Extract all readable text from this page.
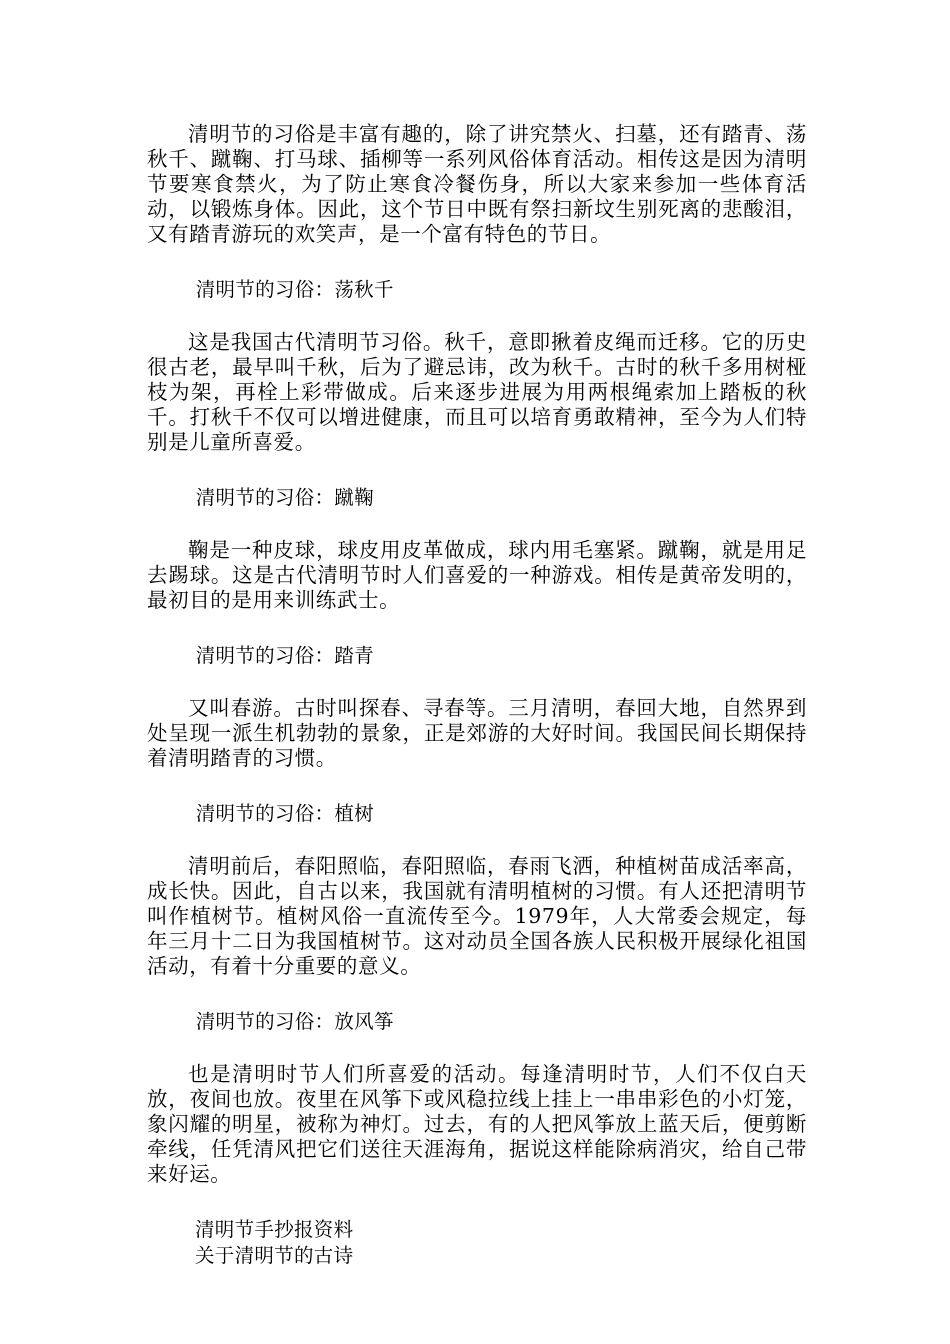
清明节的习俗是丰富有趣的，除了讲究禁火、扫墓，还有踏青、荡秋千、蹴鞠、打马球、插柳等一系列风俗体育活动。相传这是因为清明节要寒食禁火，为了防止寒食冷餐伤身，所以大家来参加一些体育活动，以锻炼身体。因此，这个节日中既有祭扫新坟生别死离的悲酸泪，又有踏青游玩的欢笑声，是一个富有特色的节日。

清明节的习俗：荡秋千

这是我国古代清明节习俗。秋千，意即揪着皮绳而迁移。它的历史很古老，最早叫千秋，后为了避忌讳，改为秋千。古时的秋千多用树桠枝为架，再栓上彩带做成。后来逐步进展为用两根绳索加上踏板的秋千。打秋千不仅可以增进健康，而且可以培育勇敢精神，至今为人们特别是儿童所喜爱。

清明节的习俗：蹴鞠

鞠是一种皮球，球皮用皮革做成，球内用毛塞紧。蹴鞠，就是用足去踢球。这是古代清明节时人们喜爱的一种游戏。相传是黄帝发明的，最初目的是用来训练武士。

清明节的习俗：踏青

又叫春游。古时叫探春、寻春等。三月清明，春回大地，自然界到处呈现一派生机勃勃的景象，正是郊游的大好时间。我国民间长期保持着清明踏青的习惯。

清明节的习俗：植树

清明前后，春阳照临，春阳照临，春雨飞洒，种植树苗成活率高，成长快。因此，自古以来，我国就有清明植树的习惯。有人还把清明节叫作植树节。植树风俗一直流传至今。1979年，人大常委会规定，每年三月十二日为我国植树节。这对动员全国各族人民积极开展绿化祖国活动，有着十分重要的意义。

清明节的习俗：放风筝

也是清明时节人们所喜爱的活动。每逢清明时节，人们不仅白天放，夜间也放。夜里在风筝下或风稳拉线上挂上一串串彩色的小灯笼，象闪耀的明星，被称为神灯。过去，有的人把风筝放上蓝天后，便剪断牵线，任凭清风把它们送往天涯海角，据说这样能除病消灾，给自己带来好运。

清明节手抄报资料

关于清明节的古诗
